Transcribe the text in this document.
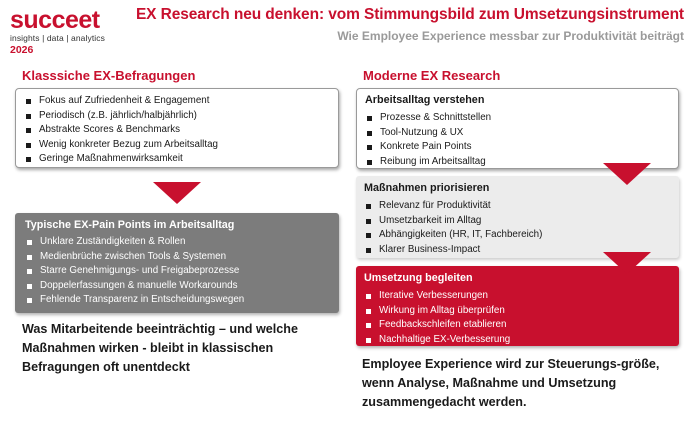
succeet
insights | data | analytics
2026
EX Research neu denken: vom Stimmungsbild zum Umsetzungsinstrument
Wie Employee Experience messbar zur Produktivität beiträgt
Klasssiche EX-Befragungen
Fokus auf Zufriedenheit & Engagement
Periodisch (z.B. jährlich/halbjährlich)
Abstrakte Scores & Benchmarks
Wenig konkreter Bezug zum Arbeitsalltag
Geringe Maßnahmenwirksamkeit
Typische EX-Pain Points im Arbeitsalltag
Unklare Zuständigkeiten & Rollen
Medienbrüche zwischen Tools & Systemen
Starre Genehmigungs- und Freigabeprozesse
Doppelerfassungen & manuelle Workarounds
Fehlende Transparenz in Entscheidungswegen
Was Mitarbeitende beeinträchtig – und welche Maßnahmen wirken - bleibt in klassischen Befragungen oft unentdeckt
Moderne EX Research
Arbeitsalltag verstehen
Prozesse & Schnittstellen
Tool-Nutzung & UX
Konkrete Pain Points
Reibung im Arbeitsalltag
Maßnahmen priorisieren
Relevanz für Produktivität
Umsetzbarkeit im Alltag
Abhängigkeiten (HR, IT, Fachbereich)
Klarer Business-Impact
Umsetzung begleiten
Iterative Verbesserungen
Wirkung im Alltag überprüfen
Feedbackschleifen etablieren
Nachhaltige EX-Verbesserung
Employee Experience wird zur Steuerungs-größe, wenn Analyse, Maßnahme und Umsetzung zusammengedacht werden.
